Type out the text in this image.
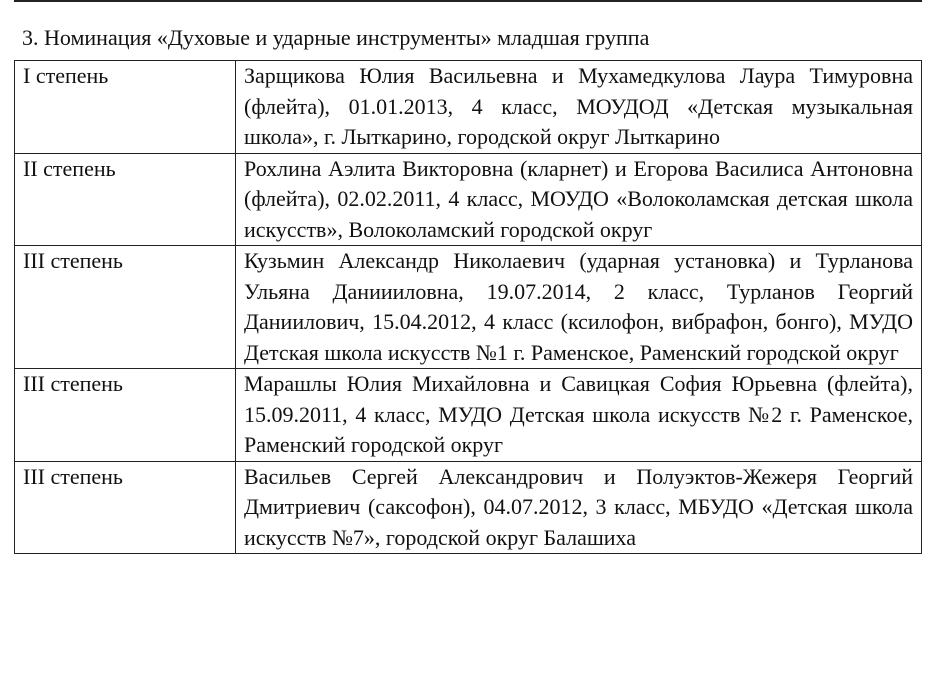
3. Номинация «Духовые и ударные инструменты» младшая группа
I степень	Зарщикова Юлия Васильевна и Мухамедкулова Лаура Тимуровна (флейта), 01.01.2013, 4 класс, МОУДОД «Детская музыкальная школа», г. Лыткарино, городской округ Лыткарино
II степень	Рохлина Аэлита Викторовна (кларнет) и Егорова Василиса Антоновна (флейта), 02.02.2011, 4 класс, МОУДО «Волоколамская детская школа искусств», Волоколамский городской округ
III степень	Кузьмин Александр Николаевич (ударная установка) и Турланова Ульяна Даниииловна, 19.07.2014, 2 класс, Турланов Георгий Даниилович, 15.04.2012, 4 класс (ксилофон, вибрафон, бонго), МУДО Детская школа искусств №1 г. Раменское, Раменский городской округ
III степень	Марашлы Юлия Михайловна и Савицкая София Юрьевна (флейта), 15.09.2011, 4 класс, МУДО Детская школа искусств №2 г. Раменское, Раменский городской округ
III степень	Васильев Сергей Александрович и Полуэктов-Жежеря Георгий Дмитриевич (саксофон), 04.07.2012, 3 класс, МБУДО «Детская школа искусств №7», городской округ Балашиха
